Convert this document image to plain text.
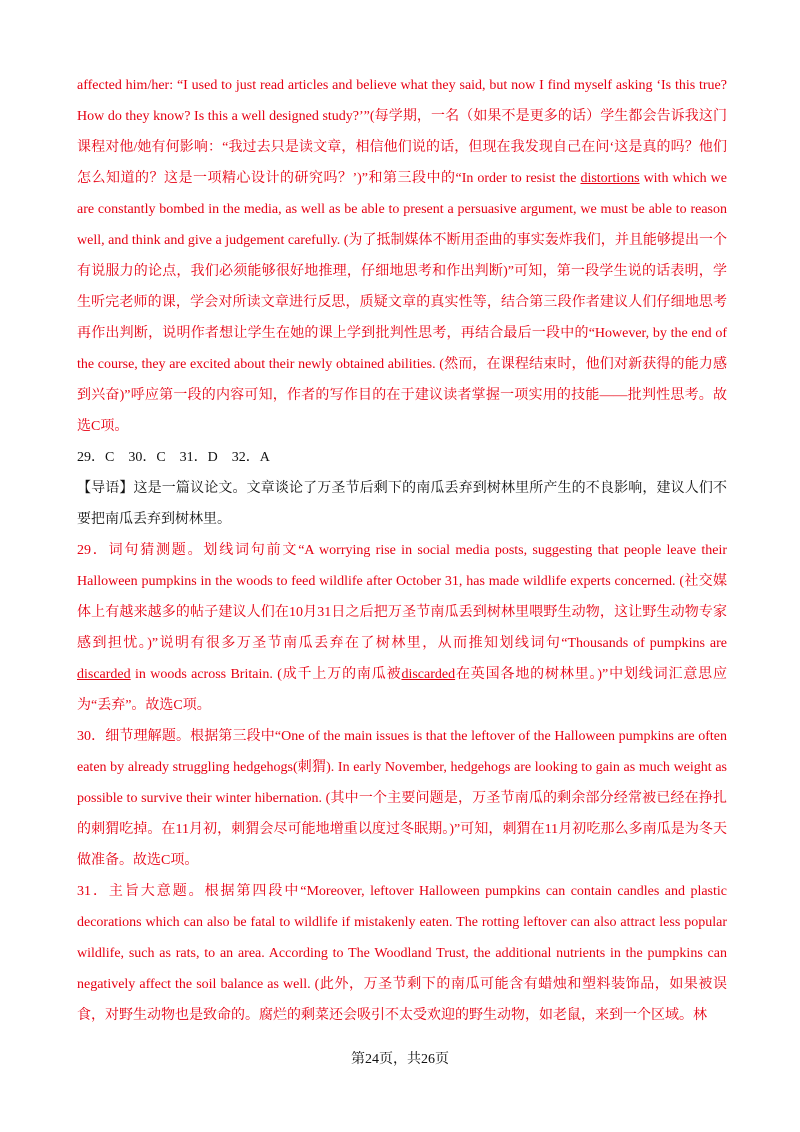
affected him/her: “I used to just read articles and believe what they said, but now I find myself asking ‘Is this true? How do they know? Is this a well designed study?’”(每学期，一名（如果不是更多的话）学生都会告诉我这门课程对他/她有何影响：“我过去只是读文章，相信他们说的话，但现在我发现自己在问‘这是真的吗？他们怎么知道的？这是一项精心设计的研究吗？’)”和第三段中的“In order to resist the distortions with which we are constantly bombed in the media, as well as be able to present a persuasive argument, we must be able to reason well, and think and give a judgement carefully. (为了抵制媒体不断用歪曲的事实轰炸我们，并且能够提出一个有说服力的论点，我们必须能够很好地推理，仔细地思考和作出判断)”可知，第一段学生说的话表明，学生听完老师的课，学会对所读文章进行反思，质疑文章的真实性等，结合第三段作者建议人们仔细地思考再作出判断，说明作者想让学生在她的课上学到批判性思考，再结合最后一段中的“However, by the end of the course, they are excited about their newly obtained abilities. (然而，在课程结束时，他们对新获得的能力感到兴奋)”呼应第一段的内容可知，作者的写作目的在于建议读者掌握一项实用的技能——批判性思考。故选C项。

29．C　30．C　31．D　32．A

【导语】这是一篇议论文。文章谈论了万圣节后剩下的南瓜丢弃到树林里所产生的不良影响，建议人们不要把南瓜丢弃到树林里。

29．词句猜测题。划线词句前文“A worrying rise in social media posts, suggesting that people leave their Halloween pumpkins in the woods to feed wildlife after October 31, has made wildlife experts concerned. (社交媒体上有越来越多的帖子建议人们在10月31日之后把万圣节南瓜丢到树林里喂野生动物，这让野生动物专家感到担忧。)”说明有很多万圣节南瓜丢弃在了树林里，从而推知划线词句“Thousands of pumpkins are discarded in woods across Britain. (成千上万的南瓜被discarded在英国各地的树林里。)”中划线词汇意思应为“丢弃”。故选C项。

30．细节理解题。根据第三段中“One of the main issues is that the leftover of the Halloween pumpkins are often eaten by already struggling hedgehogs(刺猬). In early November, hedgehogs are looking to gain as much weight as possible to survive their winter hibernation. (其中一个主要问题是，万圣节南瓜的剩余部分经常被已经在挣扎的刺猬吃掉。在11月初，刺猬会尽可能地增重以度过冬眠期。)”可知，刺猬在11月初吃那么多南瓜是为冬天做准备。故选C项。

31．主旨大意题。根据第四段中“Moreover, leftover Halloween pumpkins can contain candles and plastic decorations which can also be fatal to wildlife if mistakenly eaten. The rotting leftover can also attract less popular wildlife, such as rats, to an area. According to The Woodland Trust, the additional nutrients in the pumpkins can negatively affect the soil balance as well. (此外，万圣节剩下的南瓜可能含有蜡烛和塑料装饰品，如果被误食，对野生动物也是致命的。腐烂的剩菜还会吸引不太受欢迎的野生动物，如老鼠，来到一个区域。林

第24页，共26页
